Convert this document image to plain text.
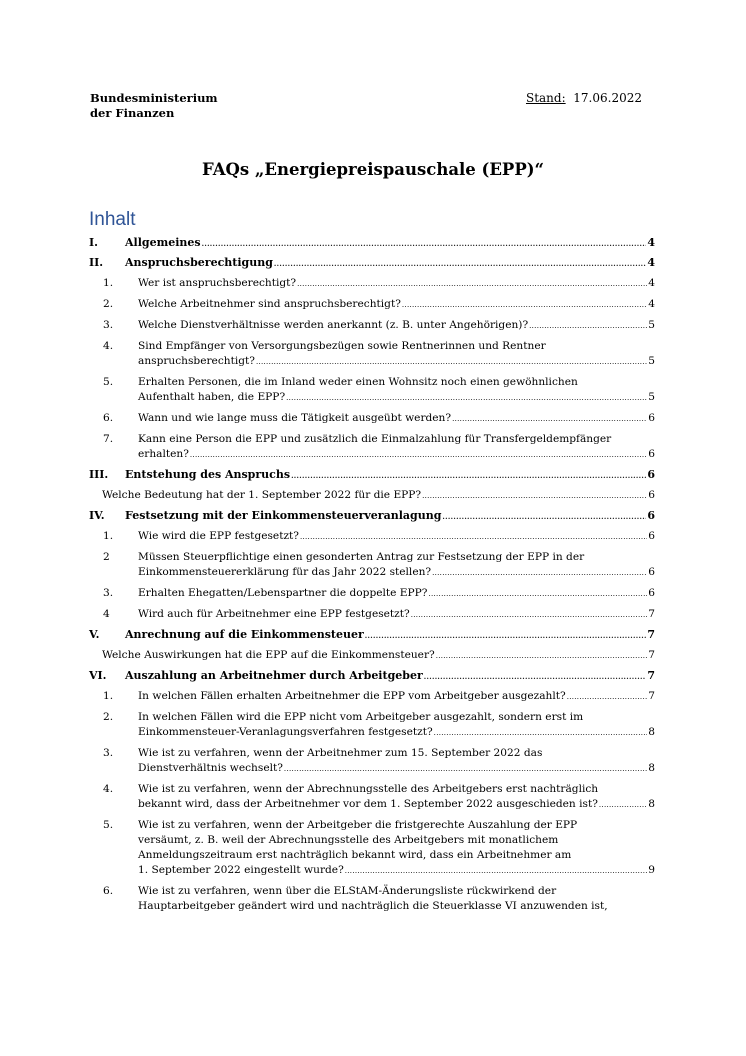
Bundesministerium
der Finanzen
Stand: 17.06.2022
FAQs „Energiepreispauschale (EPP)“
Inhalt
I. Allgemeines .....	4
II. Anspruchsberechtigung .....	4
1. Wer ist anspruchsberechtigt? .....	4
2. Welche Arbeitnehmer sind anspruchsberechtigt? .....	4
3. Welche Dienstverhältnisse werden anerkannt (z. B. unter Angehörigen)? .....	5
4. Sind Empfänger von Versorgungsbezügen sowie Rentnerinnen und Rentner
anspruchsberechtigt? .....	5
5. Erhalten Personen, die im Inland weder einen Wohnsitz noch einen gewöhnlichen
Aufenthalt haben, die EPP? .....	5
6. Wann und wie lange muss die Tätigkeit ausgeübt werden? .....	6
7. Kann eine Person die EPP und zusätzlich die Einmalzahlung für Transfergeldempfänger
erhalten? .....	6
III. Entstehung des Anspruchs .....	6
Welche Bedeutung hat der 1. September 2022 für die EPP? .....	6
IV. Festsetzung mit der Einkommensteuerveranlagung .....	6
1. Wie wird die EPP festgesetzt? .....	6
2	Müssen Steuerpflichtige einen gesonderten Antrag zur Festsetzung der EPP in der
Einkommensteuererklärung für das Jahr 2022 stellen? .....	6
3. Erhalten Ehegatten/Lebenspartner die doppelte EPP? .....	6
4	Wird auch für Arbeitnehmer eine EPP festgesetzt? .....	7
V. Anrechnung auf die Einkommensteuer .....	7
Welche Auswirkungen hat die EPP auf die Einkommensteuer? .....	7
VI. Auszahlung an Arbeitnehmer durch Arbeitgeber .....	7
1. In welchen Fällen erhalten Arbeitnehmer die EPP vom Arbeitgeber ausgezahlt? .....	7
2. In welchen Fällen wird die EPP nicht vom Arbeitgeber ausgezahlt, sondern erst im
Einkommensteuer-Veranlagungsverfahren festgesetzt? .....	8
3. Wie ist zu verfahren, wenn der Arbeitnehmer zum 15. September 2022 das
Dienstverhältnis wechselt? .....	8
4. Wie ist zu verfahren, wenn der Abrechnungsstelle des Arbeitgebers erst nachträglich
bekannt wird, dass der Arbeitnehmer vor dem 1. September 2022 ausgeschieden ist? .....	8
5. Wie ist zu verfahren, wenn der Arbeitgeber die fristgerechte Auszahlung der EPP
versäumt, z. B. weil der Abrechnungsstelle des Arbeitgebers mit monatlichem
Anmeldungszeitraum erst nachträglich bekannt wird, dass ein Arbeitnehmer am
1. September 2022 eingestellt wurde? .....	9
6. Wie ist zu verfahren, wenn über die ELStAM-Änderungsliste rückwirkend der
Hauptarbeitgeber geändert wird und nachträglich die Steuerklasse VI anzuwenden ist,
